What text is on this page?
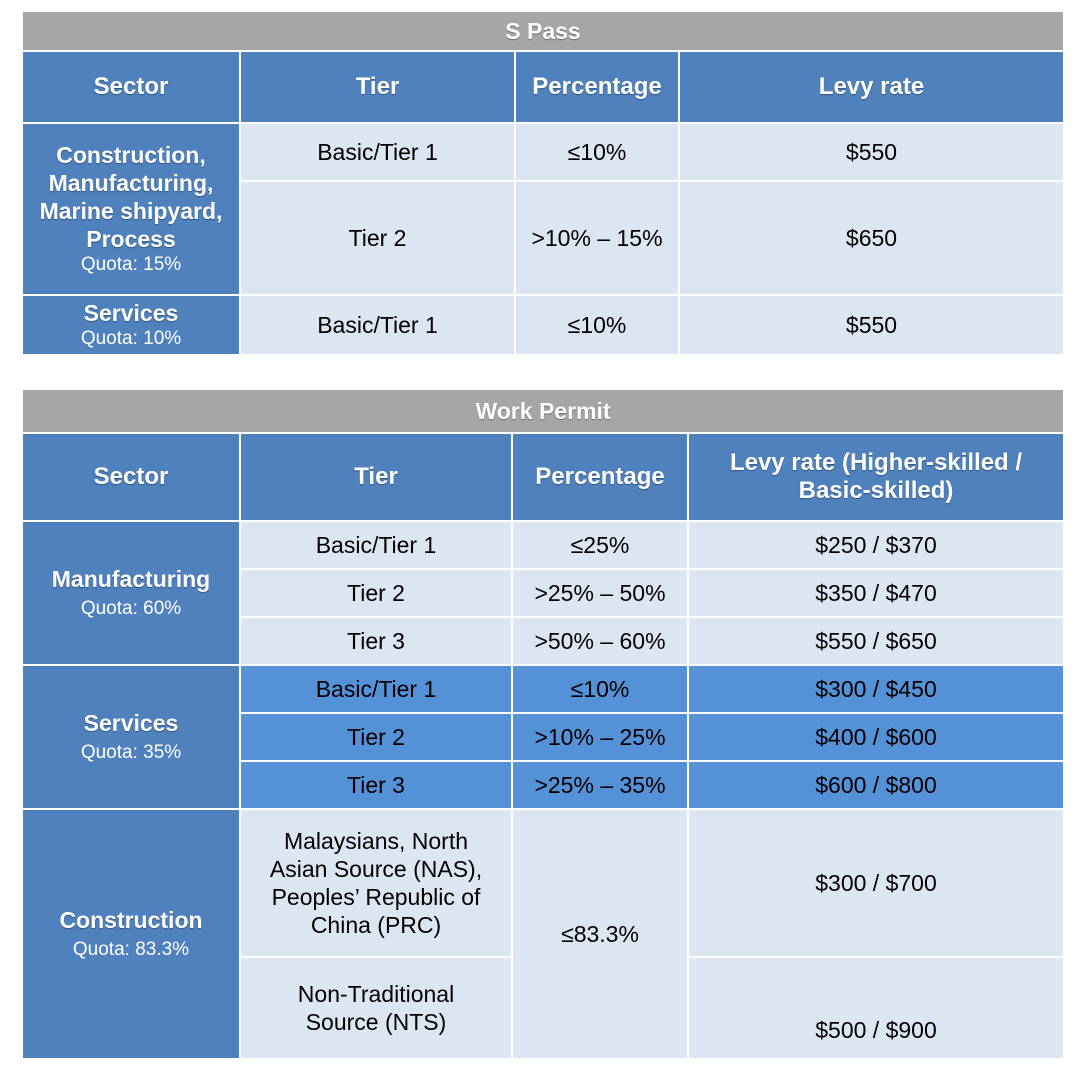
S Pass			
Sector	Tier	Percentage	Levy rate

Construction, Manufacturing, Marine shipyard, Process
Quota: 15%	Basic/Tier 1	≤10%	$550
	Tier 2	>10% – 15%	$650

Services
Quota: 10%	Basic/Tier 1	≤10%	$550
Work Permit			
Sector	Tier	Percentage	Levy rate (Higher-skilled / Basic-skilled)

Manufacturing
Quota: 60%	Basic/Tier 1	≤25%	$250 / $370
	Tier 2	>25% – 50%	$350 / $470
	Tier 3	>50% – 60%	$550 / $650

Services
Quota: 35%	Basic/Tier 1	≤10%	$300 / $450
	Tier 2	>10% – 25%	$400 / $600
	Tier 3	>25% – 35%	$600 / $800

Construction
Quota: 83.3%	Malaysians, North Asian Source (NAS), Peoples’ Republic of China (PRC)	≤83.3%	$300 / $700
	Non-Traditional Source (NTS)		$500 / $900
